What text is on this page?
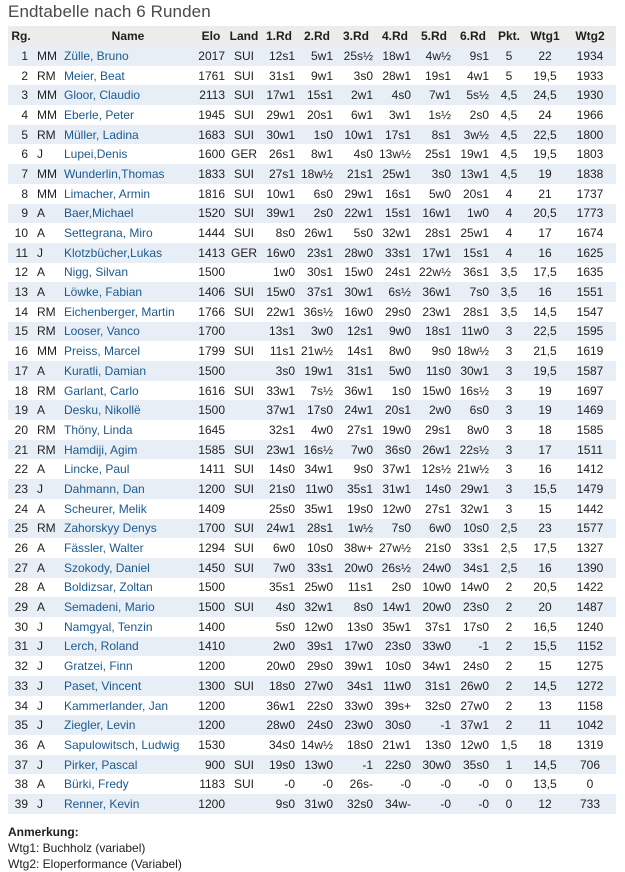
Endtabelle nach 6 Runden
Rg.		Name	Elo	Land	1.Rd	2.Rd	3.Rd	4.Rd	5.Rd	6.Rd	Pkt.	Wtg1	Wtg2
1	MM	Zülle, Bruno	2017	SUI	12s1	5w1	25s½	18w1	4w½	9s1	5	22	1934
2	RM	Meier, Beat	1761	SUI	31s1	9w1	3s0	28w1	19s1	4w1	5	19,5	1933
3	MM	Gloor, Claudio	2113	SUI	17w1	15s1	2w1	4s0	7w1	5s½	4,5	24,5	1930
4	MM	Eberle, Peter	1945	SUI	29w1	20s1	6w1	3w1	1s½	2s0	4,5	24	1966
5	RM	Müller, Ladina	1683	SUI	30w1	1s0	10w1	17s1	8s1	3w½	4,5	22,5	1800
6	J	Lupei,Denis	1600	GER	26s1	8w1	4s0	13w½	25s1	19w1	4,5	19,5	1803
7	MM	Wunderlin,Thomas	1833	SUI	27s1	18w½	21s1	25w1	3s0	13w1	4,5	19	1838
8	MM	Limacher, Armin	1816	SUI	10w1	6s0	29w1	16s1	5w0	20s1	4	21	1737
9	A	Baer,Michael	1520	SUI	39w1	2s0	22w1	15s1	16w1	1w0	4	20,5	1773
10	A	Settegrana, Miro	1444	SUI	8s0	26w1	5s0	32w1	28s1	25w1	4	17	1674
11	J	Klotzbücher,Lukas	1413	GER	16w0	23s1	28w0	33s1	17w1	15s1	4	16	1625
12	A	Nigg, Silvan	1500		1w0	30s1	15w0	24s1	22w½	36s1	3,5	17,5	1635
13	A	Löwke, Fabian	1406	SUI	15w0	37s1	30w1	6s½	36w1	7s0	3,5	16	1551
14	RM	Eichenberger, Martin	1766	SUI	22w1	36s½	16w0	29s0	23w1	28s1	3,5	14,5	1547
15	RM	Looser, Vanco	1700		13s1	3w0	12s1	9w0	18s1	11w0	3	22,5	1595
16	MM	Preiss, Marcel	1799	SUI	11s1	21w½	14s1	8w0	9s0	18w½	3	21,5	1619
17	A	Kuratli, Damian	1500		3s0	19w1	31s1	5w0	11s0	30w1	3	19,5	1587
18	RM	Garlant, Carlo	1616	SUI	33w1	7s½	36w1	1s0	15w0	16s½	3	19	1697
19	A	Desku, Nikollë	1500		37w1	17s0	24w1	20s1	2w0	6s0	3	19	1469
20	RM	Thöny, Linda	1645		32s1	4w0	27s1	19w0	29s1	8w0	3	18	1585
21	RM	Hamdiji, Agim	1585	SUI	23w1	16s½	7w0	36s0	26w1	22s½	3	17	1511
22	A	Lincke, Paul	1411	SUI	14s0	34w1	9s0	37w1	12s½	21w½	3	16	1412
23	J	Dahmann, Dan	1200	SUI	21s0	11w0	35s1	31w1	14s0	29w1	3	15,5	1479
24	A	Scheurer, Melik	1409		25s0	35w1	19s0	12w0	27s1	32w1	3	15	1442
25	RM	Zahorskyy Denys	1700	SUI	24w1	28s1	1w½	7s0	6w0	10s0	2,5	23	1577
26	A	Fässler, Walter	1294	SUI	6w0	10s0	38w+	27w½	21s0	33s1	2,5	17,5	1327
27	A	Szokody, Daniel	1450	SUI	7w0	33s1	20w0	26s½	24w0	34s1	2,5	16	1390
28	A	Boldizsar, Zoltan	1500		35s1	25w0	11s1	2s0	10w0	14w0	2	20,5	1422
29	A	Semadeni, Mario	1500	SUI	4s0	32w1	8s0	14w1	20w0	23s0	2	20	1487
30	J	Namgyal, Tenzin	1400		5s0	12w0	13s0	35w1	37s1	17s0	2	16,5	1240
31	J	Lerch, Roland	1410		2w0	39s1	17w0	23s0	33w0	-1	2	15,5	1152
32	J	Gratzei, Finn	1200		20w0	29s0	39w1	10s0	34w1	24s0	2	15	1275
33	J	Paset, Vincent	1300	SUI	18s0	27w0	34s1	11w0	31s1	26w0	2	14,5	1272
34	J	Kammerlander, Jan	1200		36w1	22s0	33w0	39s+	32s0	27w0	2	13	1158
35	J	Ziegler, Levin	1200		28w0	24s0	23w0	30s0	-1	37w1	2	11	1042
36	A	Sapulowitsch, Ludwig	1530		34s0	14w½	18s0	21w1	13s0	12w0	1,5	18	1319
37	J	Pirker, Pascal	900	SUI	19s0	13w0	-1	22s0	30w0	35s0	1	14,5	706
38	A	Bürki, Fredy	1183	SUI	-0	-0	26s-	-0	-0	-0	0	13,5	0
39	J	Renner, Kevin	1200		9s0	31w0	32s0	34w-	-0	-0	0	12	733
Anmerkung:
Wtg1: Buchholz (variabel)
Wtg2: Eloperformance (Variabel)
